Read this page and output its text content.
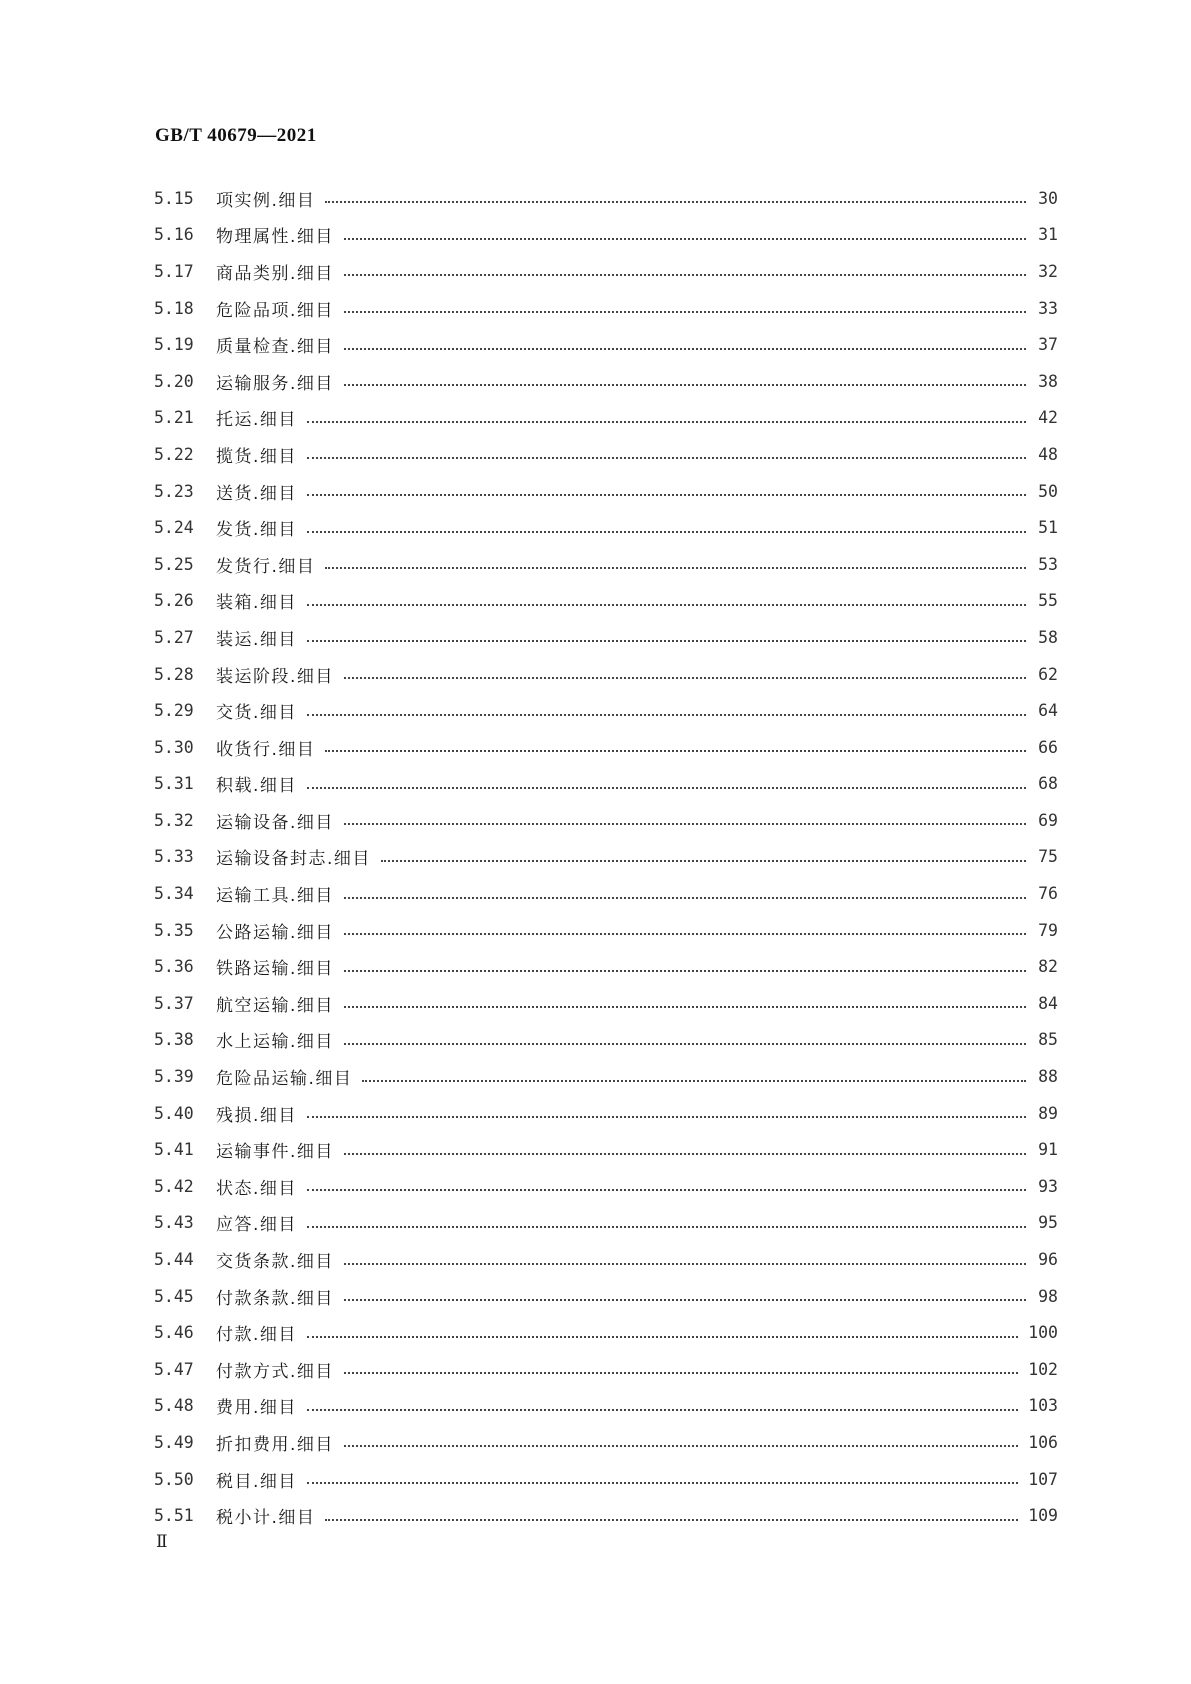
GB/T 40679—2021
5.15	项实例.细目	30
5.16	物理属性.细目	31
5.17	商品类别.细目	32
5.18	危险品项.细目	33
5.19	质量检查.细目	37
5.20	运输服务.细目	38
5.21	托运.细目	42
5.22	揽货.细目	48
5.23	送货.细目	50
5.24	发货.细目	51
5.25	发货行.细目	53
5.26	装箱.细目	55
5.27	装运.细目	58
5.28	装运阶段.细目	62
5.29	交货.细目	64
5.30	收货行.细目	66
5.31	积载.细目	68
5.32	运输设备.细目	69
5.33	运输设备封志.细目	75
5.34	运输工具.细目	76
5.35	公路运输.细目	79
5.36	铁路运输.细目	82
5.37	航空运输.细目	84
5.38	水上运输.细目	85
5.39	危险品运输.细目	88
5.40	残损.细目	89
5.41	运输事件.细目	91
5.42	状态.细目	93
5.43	应答.细目	95
5.44	交货条款.细目	96
5.45	付款条款.细目	98
5.46	付款.细目	100
5.47	付款方式.细目	102
5.48	费用.细目	103
5.49	折扣费用.细目	106
5.50	税目.细目	107
5.51	税小计.细目	109
Ⅱ
